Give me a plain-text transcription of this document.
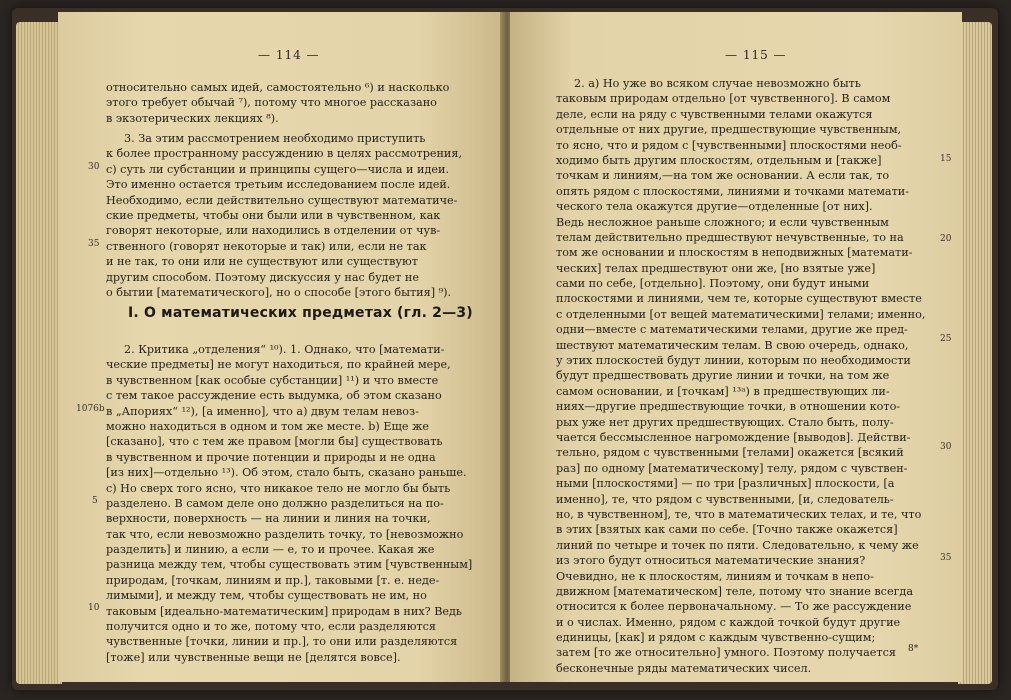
— 114 —
относительно самых идей, самостоятельно ⁶) и насколько
этого требует обычай ⁷), потому что многое рассказано
в экзотерических лекциях ⁸).
3. За этим рассмотрением необходимо приступить
к более пространному рассуждению в целях рассмотрения,
с) суть ли субстанции и принципы сущего—числа и идеи.
Это именно остается третьим исследованием после идей.
Необходимо, если действительно существуют математиче-
ские предметы, чтобы они были или в чувственном, как
говорят некоторые, или находились в отделении от чув-
ственного (говорят некоторые и так) или, если не так
и не так, то они или не существуют или существуют
другим способом. Поэтому дискуссия у нас будет не
о бытии [математического], но о способе [этого бытия] ⁹).
I. О математических предметах (гл. 2—3)
2. Критика „отделения“ ¹⁰). 1. Однако, что [математи-
ческие предметы] не могут находиться, по крайней мере,
в чувственном [как особые субстанции] ¹¹) и что вместе
с тем такое рассуждение есть выдумка, об этом сказано
в „Апориях“ ¹²), [а именно], что а) двум телам невоз-
можно находиться в одном и том же месте. b) Еще же
[сказано], что с тем же правом [могли бы] существовать
в чувственном и прочие потенции и природы и не одна
[из них]—отдельно ¹³). Об этом, стало быть, сказано раньше.
с) Но сверх того ясно, что никакое тело не могло бы быть
разделено. В самом деле оно должно разделиться на по-
верхности, поверхность — на линии и линия на точки,
так что, если невозможно разделить точку, то [невозможно
разделить] и линию, а если — е, то и прочее. Какая же
разница между тем, чтобы существовать этим [чувственным]
природам, [точкам, линиям и пр.], таковыми [т. е. неде-
лимыми], и между тем, чтобы существовать не им, но
таковым [идеально-математическим] природам в них? Ведь
получится одно и то же, потому что, если разделяются
чувственные [точки, линии и пр.], то они или разделяются
[тоже] или чувственные вещи не [делятся вовсе].
30
35
1076b
5
10
— 115 —
2. a) Но уже во всяком случае невозможно быть
таковым природам отдельно [от чувственного]. В самом
деле, если на ряду с чувственными телами окажутся
отдельные от них другие, предшествующие чувственным,
то ясно, что и рядом с [чувственными] плоскостями необ-
ходимо быть другим плоскостям, отдельным и [также]
точкам и линиям,—на том же основании. А если так, то
опять рядом с плоскостями, линиями и точками математи-
ческого тела окажутся другие—отделенные [от них].
Ведь несложное раньше сложного; и если чувственным
телам действительно предшествуют нечувственные, то на
том же основании и плоскостям в неподвижных [математи-
ческих] телах предшествуют они же, [но взятые уже]
сами по себе, [отдельно]. Поэтому, они будут иными
плоскостями и линиями, чем те, которые существуют вместе
с отделенными [от вещей математическими] телами; именно,
одни—вместе с математическими телами, другие же пред-
шествуют математическим телам. В свою очередь, однако,
у этих плоскостей будут линии, которым по необходимости
будут предшествовать другие линии и точки, на том же
самом основании, и [точкам] ¹³ᵃ) в предшествующих ли-
ниях—другие предшествующие точки, в отношении кото-
рых уже нет других предшествующих. Стало быть, полу-
чается бессмысленное нагромождение [выводов]. Действи-
тельно, рядом с чувственными [телами] окажется [всякий
раз] по одному [математическому] телу, рядом с чувствен-
ными [плоскостями] — по три [различных] плоскости, [а
именно], те, что рядом с чувственными, [и, следователь-
но, в чувственном], те, что в математических телах, и те, что
в этих [взятых как сами по себе. [Точно также окажется]
линий по четыре и точек по пяти. Следовательно, к чему же
из этого будут относиться математические знания?
Очевидно, не к плоскостям, линиям и точкам в непо-
движном [математическом] теле, потому что знание всегда
относится к более первоначальному. — То же рассуждение
и о числах. Именно, рядом с каждой точкой будут другие
единицы, [как] и рядом с каждым чувственно-сущим;
затем [то же относительно] умного. Поэтому получается
бесконечные ряды математических чисел.
15
20
25
30
35
8*
